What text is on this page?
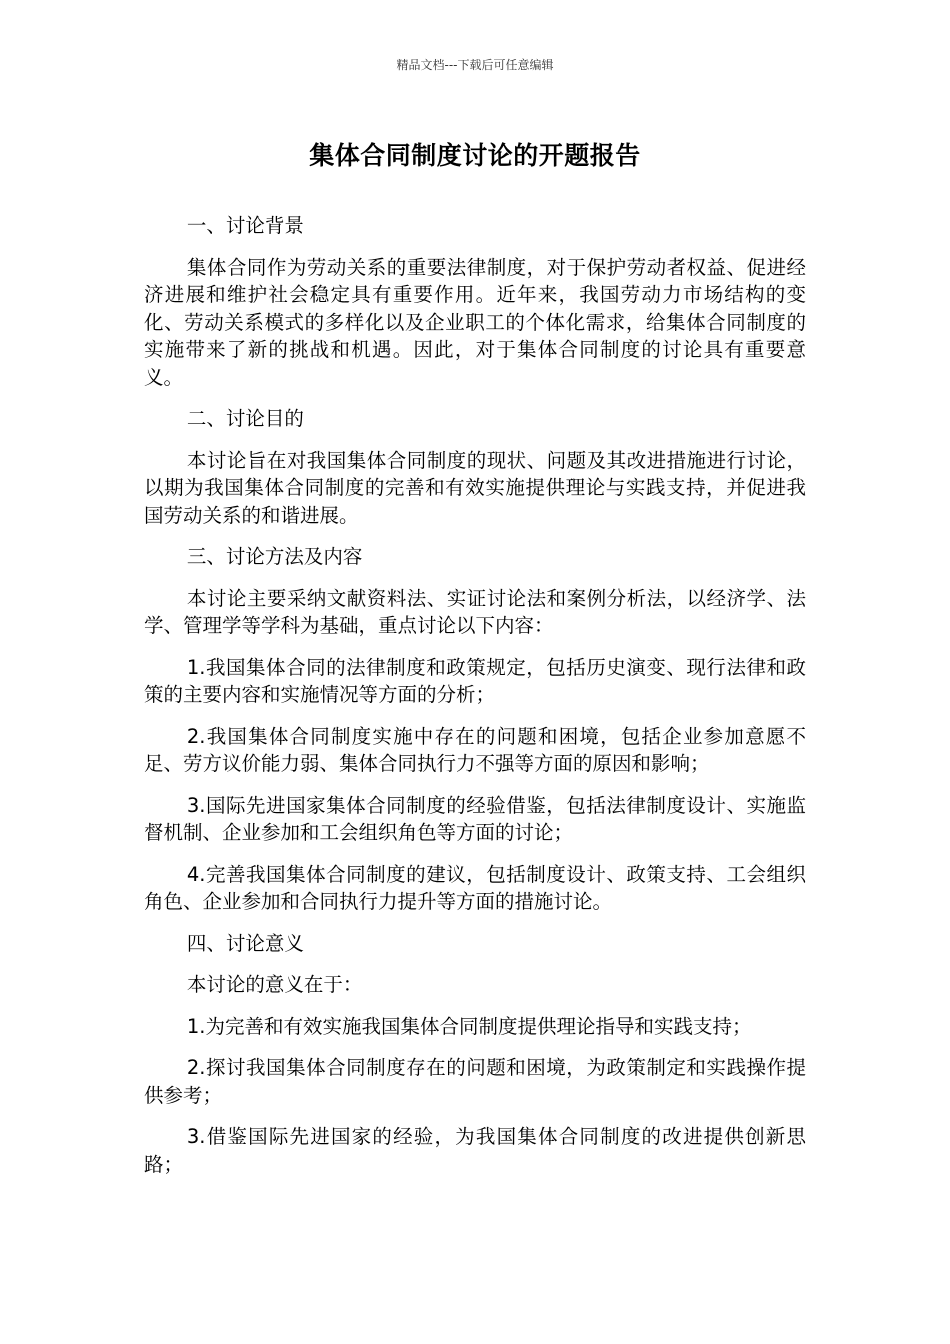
精品文档---下载后可任意编辑
集体合同制度讨论的开题报告

一、讨论背景

集体合同作为劳动关系的重要法律制度，对于保护劳动者权益、促进经济进展和维护社会稳定具有重要作用。近年来，我国劳动力市场结构的变化、劳动关系模式的多样化以及企业职工的个体化需求，给集体合同制度的实施带来了新的挑战和机遇。因此，对于集体合同制度的讨论具有重要意义。

二、讨论目的

本讨论旨在对我国集体合同制度的现状、问题及其改进措施进行讨论，以期为我国集体合同制度的完善和有效实施提供理论与实践支持，并促进我国劳动关系的和谐进展。

三、讨论方法及内容

本讨论主要采纳文献资料法、实证讨论法和案例分析法，以经济学、法学、管理学等学科为基础，重点讨论以下内容：

1.我国集体合同的法律制度和政策规定，包括历史演变、现行法律和政策的主要内容和实施情况等方面的分析；

2.我国集体合同制度实施中存在的问题和困境，包括企业参加意愿不足、劳方议价能力弱、集体合同执行力不强等方面的原因和影响；

3.国际先进国家集体合同制度的经验借鉴，包括法律制度设计、实施监督机制、企业参加和工会组织角色等方面的讨论；

4.完善我国集体合同制度的建议，包括制度设计、政策支持、工会组织角色、企业参加和合同执行力提升等方面的措施讨论。

四、讨论意义

本讨论的意义在于：

1.为完善和有效实施我国集体合同制度提供理论指导和实践支持；

2.探讨我国集体合同制度存在的问题和困境，为政策制定和实践操作提供参考；

3.借鉴国际先进国家的经验，为我国集体合同制度的改进提供创新思路；
